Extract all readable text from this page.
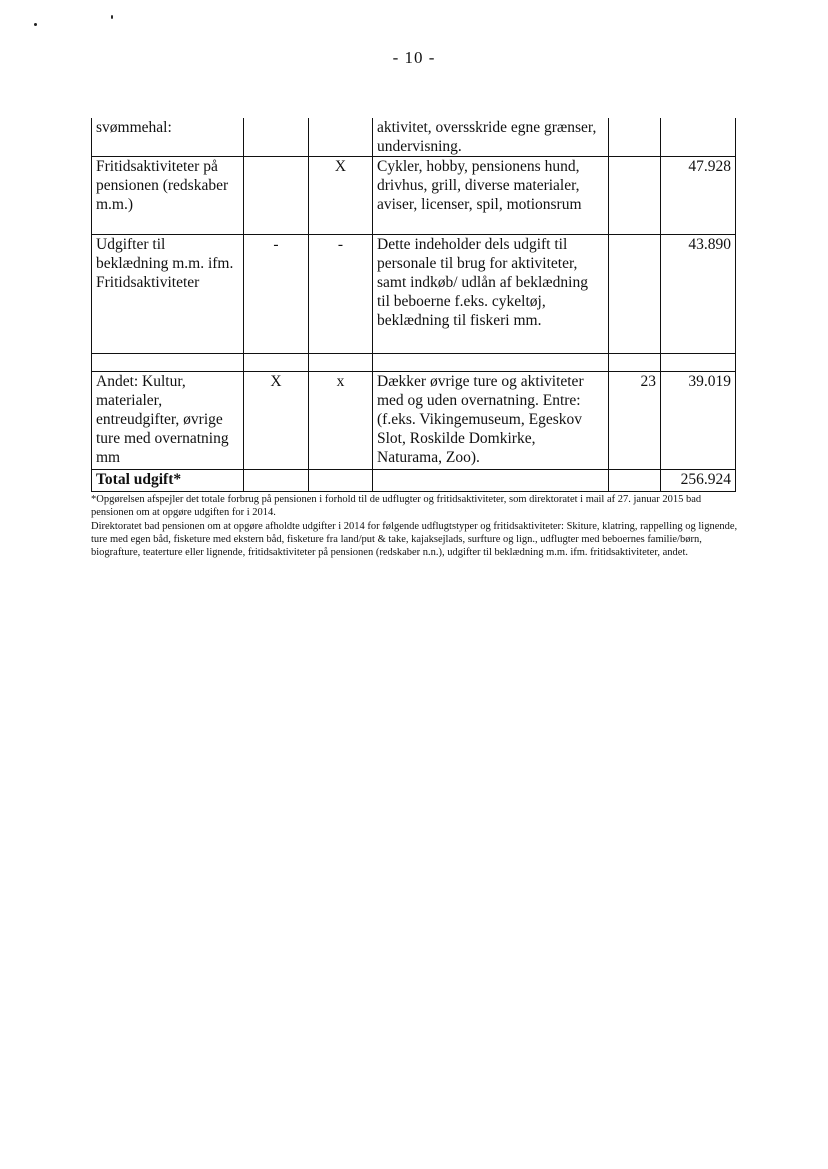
- 10 -
svømmehal:			aktivitet, oversskride egne grænser, undervisning.		
Fritidsaktiviteter på pensionen (redskaber m.m.)		X	Cykler, hobby, pensionens hund, drivhus, grill, diverse materialer, aviser, licenser, spil, motionsrum		47.928
Udgifter til beklædning m.m. ifm. Fritidsaktiviteter	-	-	Dette indeholder dels udgift til personale til brug for aktiviteter, samt indkøb/ udlån af beklædning til beboerne f.eks. cykeltøj, beklædning til fiskeri mm.		43.890

Andet: Kultur, materialer, entreudgifter, øvrige ture med overnatning mm	X	x	Dækker øvrige ture og aktiviteter med og uden overnatning. Entre:(f.eks. Vikingemuseum, Egeskov Slot, Roskilde Domkirke, Naturama, Zoo).	23	39.019
Total udgift*					256.924

*Opgørelsen afspejler det totale forbrug på pensionen i forhold til de udflugter og fritidsaktiviteter, som direktoratet i mail af 27. januar 2015 bad pensionen om at opgøre udgiften for i 2014.

Direktoratet bad pensionen om at opgøre afholdte udgifter i 2014 for følgende udflugtstyper og fritidsaktiviteter: Skiture, klatring, rappelling og lignende, ture med egen båd, fisketure med ekstern båd, fisketure fra land/put & take, kajaksejlads, surfture og lign., udflugter med beboernes familie/børn, biografture, teaterture eller lignende, fritidsaktiviteter på pensionen (redskaber n.n.), udgifter til beklædning m.m. ifm. fritidsaktiviteter, andet.
